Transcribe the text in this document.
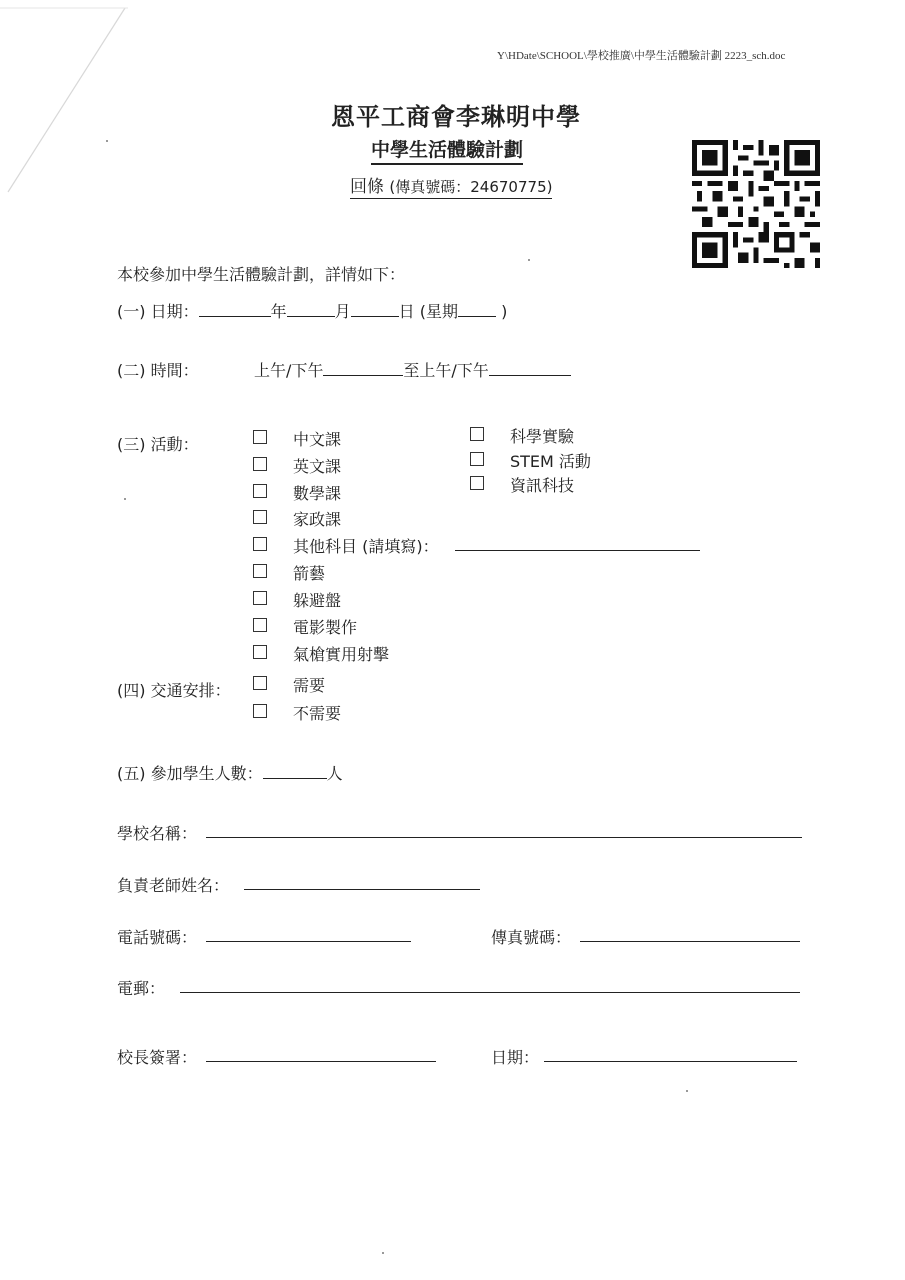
Y\HDate\SCHOOL\學校推廣\中學生活體驗計劃 2223_sch.doc
恩平工商會李琳明中學
中學生活體驗計劃
回條 (傳真號碼：24670775)
本校參加中學生活體驗計劃，詳情如下：
(一) 日期：	年	月	日 (星期	)
(二) 時間：	上午/下午	至上午/下午
(三) 活動：	中文課
英文課
數學課
家政課
其他科目 (請填寫)：
箭藝
躲避盤
電影製作
氣槍實用射擊
科學實驗
STEM 活動
資訊科技
(四) 交通安排：	需要
不需要
(五) 參加學生人數：	人
學校名稱：
負責老師姓名：
電話號碼：	傳真號碼：
電郵：
校長簽署：	日期：
